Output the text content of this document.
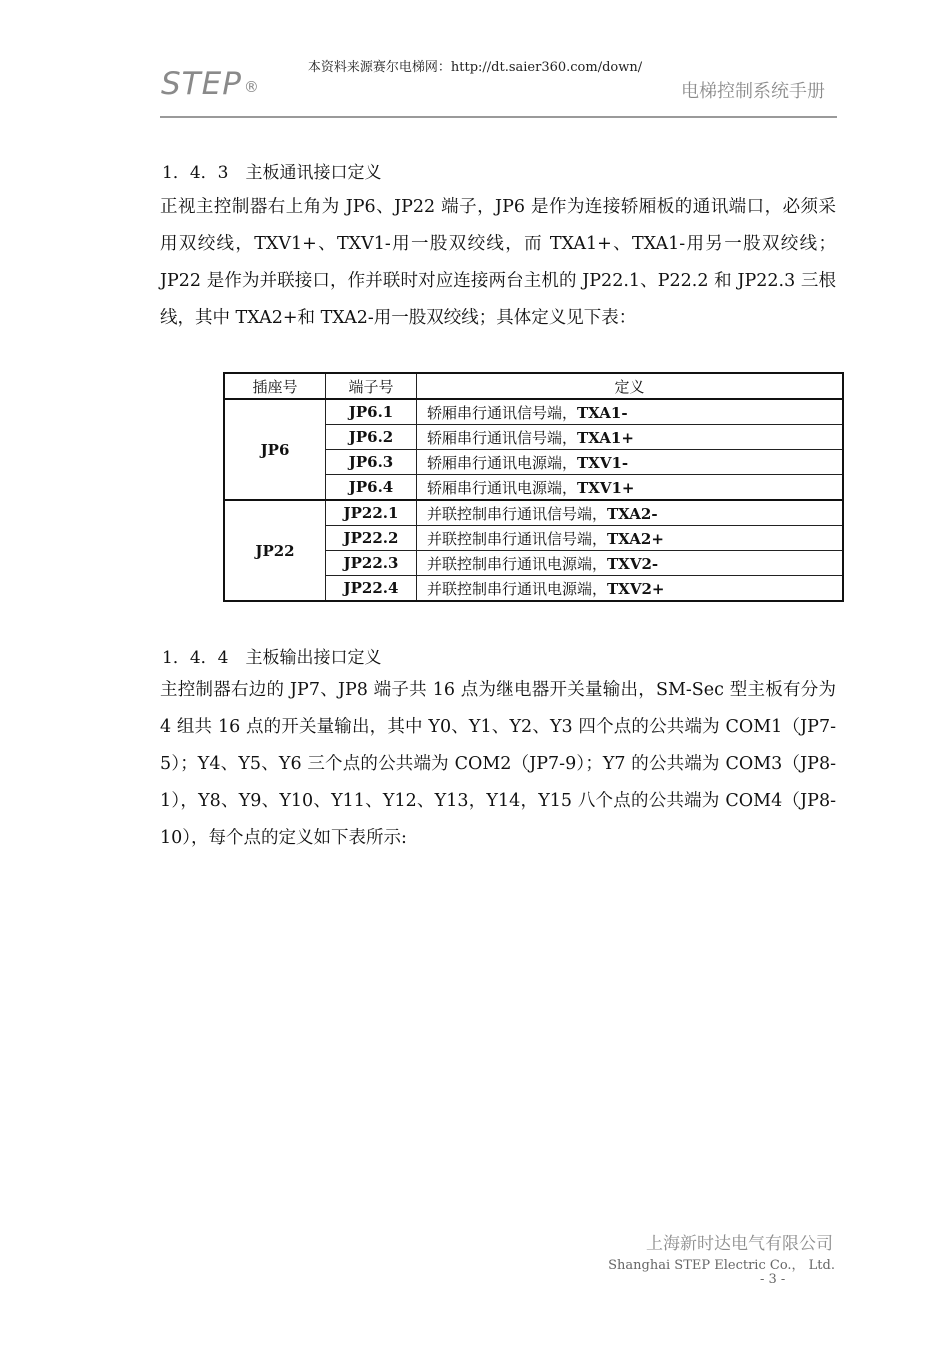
本资料来源赛尔电梯网：http://dt.saier360.com/down/
STEP ®	电梯控制系统手册
1．4．3　主板通讯接口定义

正视主控制器右上角为 JP6、JP22 端子，JP6 是作为连接轿厢板的通讯端口，必须采用双绞线，TXV1+、TXV1-用一股双绞线，而 TXA1+、TXA1-用另一股双绞线；JP22 是作为并联接口，作并联时对应连接两台主机的 JP22.1、P22.2 和 JP22.3 三根线，其中 TXA2+和 TXA2-用一股双绞线；具体定义见下表：

插座号	端子号	定义
JP6	JP6.1	轿厢串行通讯信号端，TXA1-
	JP6.2	轿厢串行通讯信号端，TXA1+
	JP6.3	轿厢串行通讯电源端，TXV1-
	JP6.4	轿厢串行通讯电源端，TXV1+
JP22	JP22.1	并联控制串行通讯信号端，TXA2-
	JP22.2	并联控制串行通讯信号端，TXA2+
	JP22.3	并联控制串行通讯电源端，TXV2-
	JP22.4	并联控制串行通讯电源端，TXV2+
1．4．4　主板输出接口定义

主控制器右边的 JP7、JP8 端子共 16 点为继电器开关量输出，SM-Sec 型主板有分为 4 组共 16 点的开关量输出，其中 Y0、Y1、Y2、Y3 四个点的公共端为 COM1（JP7-5）；Y4、Y5、Y6 三个点的公共端为 COM2（JP7-9）；Y7 的公共端为 COM3（JP8-1），Y8、Y9、Y10、Y11、Y12、Y13，Y14，Y15 八个点的公共端为 COM4（JP8-10），每个点的定义如下表所示:

上海新时达电气有限公司
Shanghai STEP Electric Co.， Ltd.
- 3 -
